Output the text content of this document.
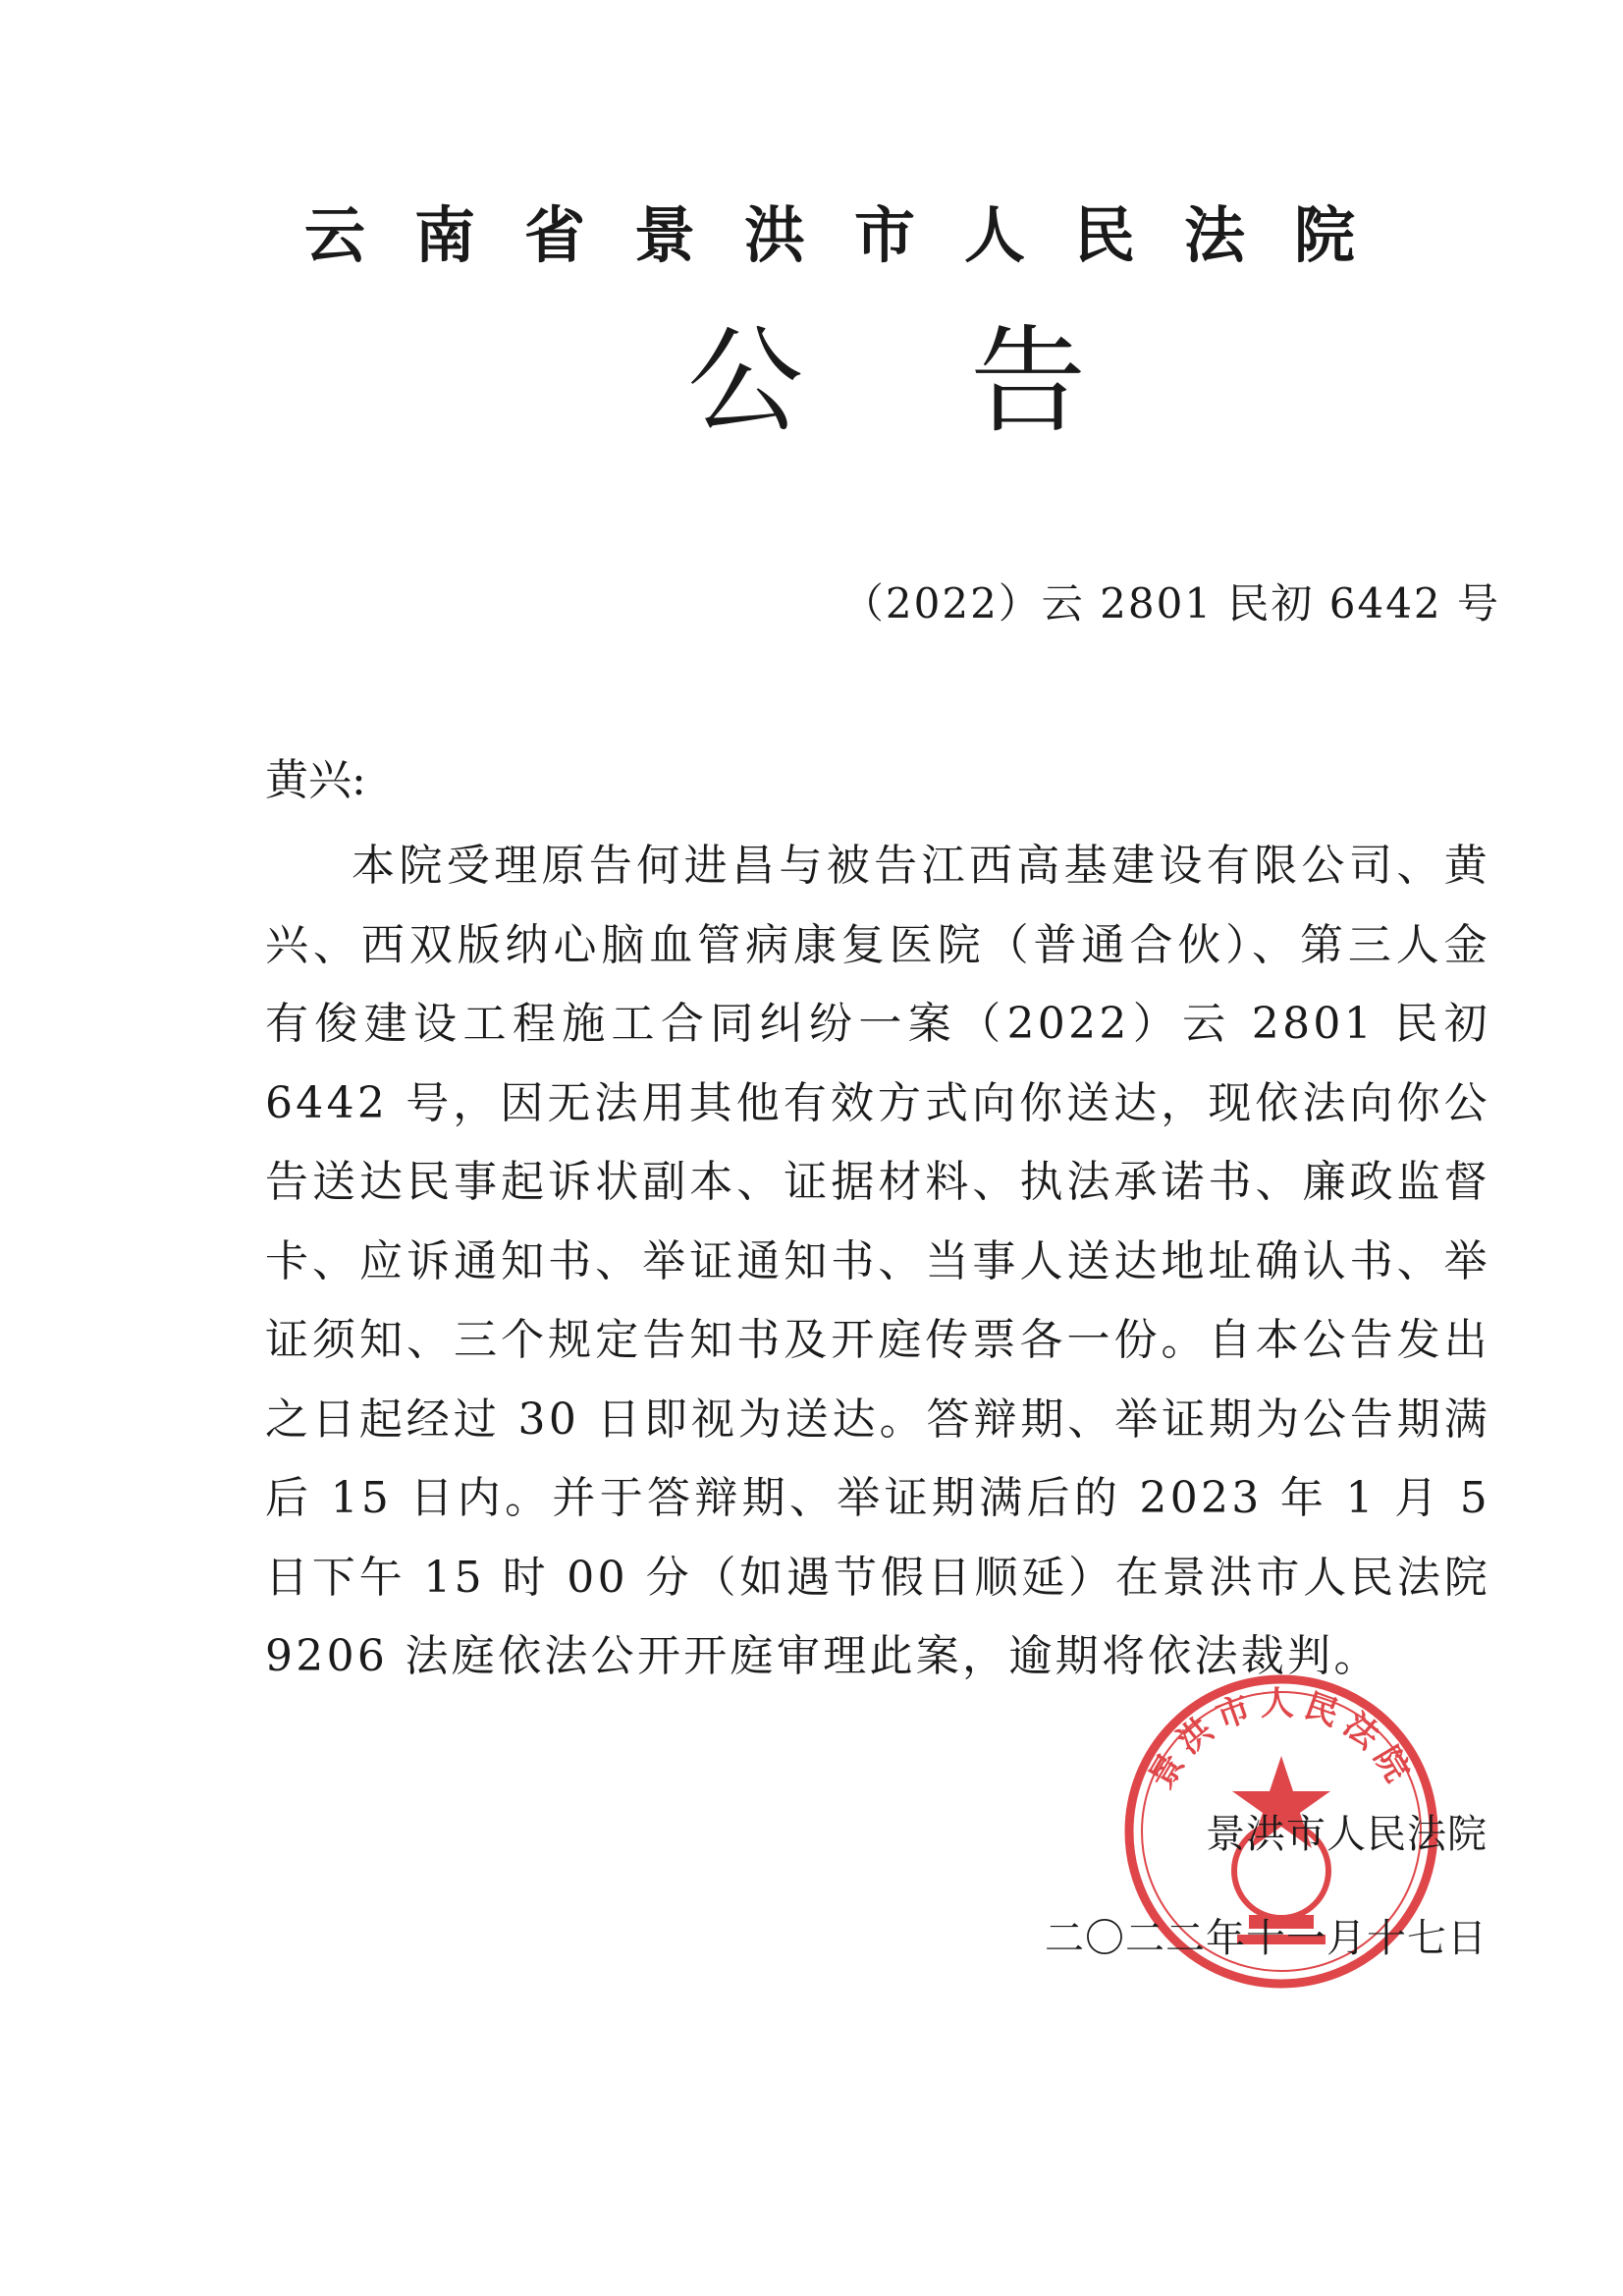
云南省景洪市人民法院
公告
（2022）云 2801 民初 6442 号
黄兴:

本院受理原告何进昌与被告江西高基建设有限公司、黄兴、西双版纳心脑血管病康复医院（普通合伙）、第三人金有俊建设工程施工合同纠纷一案（2022）云 2801 民初 6442 号，因无法用其他有效方式向你送达，现依法向你公告送达民事起诉状副本、证据材料、执法承诺书、廉政监督卡、应诉通知书、举证通知书、当事人送达地址确认书、举证须知、三个规定告知书及开庭传票各一份。自本公告发出之日起经过 30 日即视为送达。答辩期、举证期为公告期满后 15 日内。并于答辩期、举证期满后的 2023 年 1 月 5 日下午 15 时 00 分（如遇节假日顺延）在景洪市人民法院 9206 法庭依法公开开庭审理此案，逾期将依法裁判。

景洪市人民法院
景洪市人民法院
二〇二二年十一月十七日
